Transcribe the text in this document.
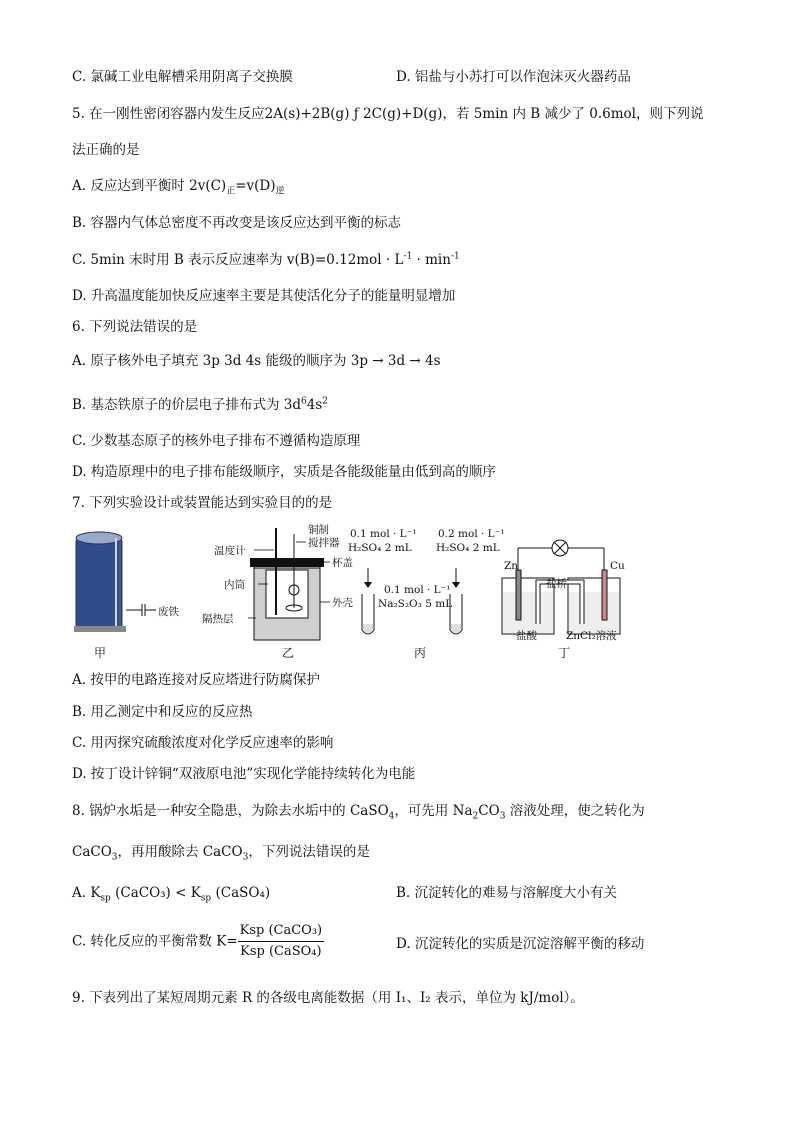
C. 氯碱工业电解槽采用阴离子交换膜	D. 铝盐与小苏打可以作泡沫灭火器药品
5. 在一刚性密闭容器内发生反应2A(s)+2B(g) ƒ 2C(g)+D(g)，若 5min 内 B 减少了 0.6mol，则下列说
法正确的是
A. 反应达到平衡时 $2v(C)_正=v(D)_逆$
B. 容器内气体总密度不再改变是该反应达到平衡的标志
C. 5min 末时用 B 表示反应速率为 $v(B)=0.12mol \cdot L^{-1} \cdot \min^{-1}$
D. 升高温度能加快反应速率主要是其使活化分子的能量明显增加
6. 下列说法错误的是
A. 原子核外电子填充 3p 3d 4s 能级的顺序为 3p → 3d → 4s
B. 基态铁原子的价层电子排布式为 $3d^64s^2$
C. 少数基态原子的核外电子排布不遵循构造原理
D. 构造原理中的电子排布能级顺序，实质是各能级能量由低到高的顺序
7. 下列实验设计或装置能达到实验目的的是
废铁
甲
温度计
铜制
搅拌器
杯盖
内筒
外壳
隔热层
乙
0.1 mol · L⁻¹
H₂SO₄ 2 mL
0.2 mol · L⁻¹
H₂SO₄ 2 mL
0.1 mol · L⁻¹
Na₂S₂O₃ 5 mL
丙
Zn	Cu
盐桥
盐酸	ZnCl₂溶液
丁
A. 按甲的电路连接对反应塔进行防腐保护
B. 用乙测定中和反应的反应热
C. 用丙探究硫酸浓度对化学反应速率的影响
D. 按丁设计锌铜“双液原电池”实现化学能持续转化为电能
8. 锅炉水垢是一种安全隐患，为除去水垢中的 CaSO$_4$，可先用 $Na_2CO_3$ 溶液处理，使之转化为
CaCO$_3$，再用酸除去 CaCO$_3$，下列说法错误的是
A. $K_{sp}$ (CaCO₃) < $K_{sp}$ (CaSO₄)	B. 沉淀转化的难易与溶解度大小有关
C. 转化反应的平衡常数 $K= \frac{\text{Ksp (CaCO₃)}}{\text{Ksp (CaSO₄)}}$	D. 沉淀转化的实质是沉淀溶解平衡的移动
9. 下表列出了某短周期元素 R 的各级电离能数据（用 I₁、I₂ 表示，单位为 kJ/mol）。
